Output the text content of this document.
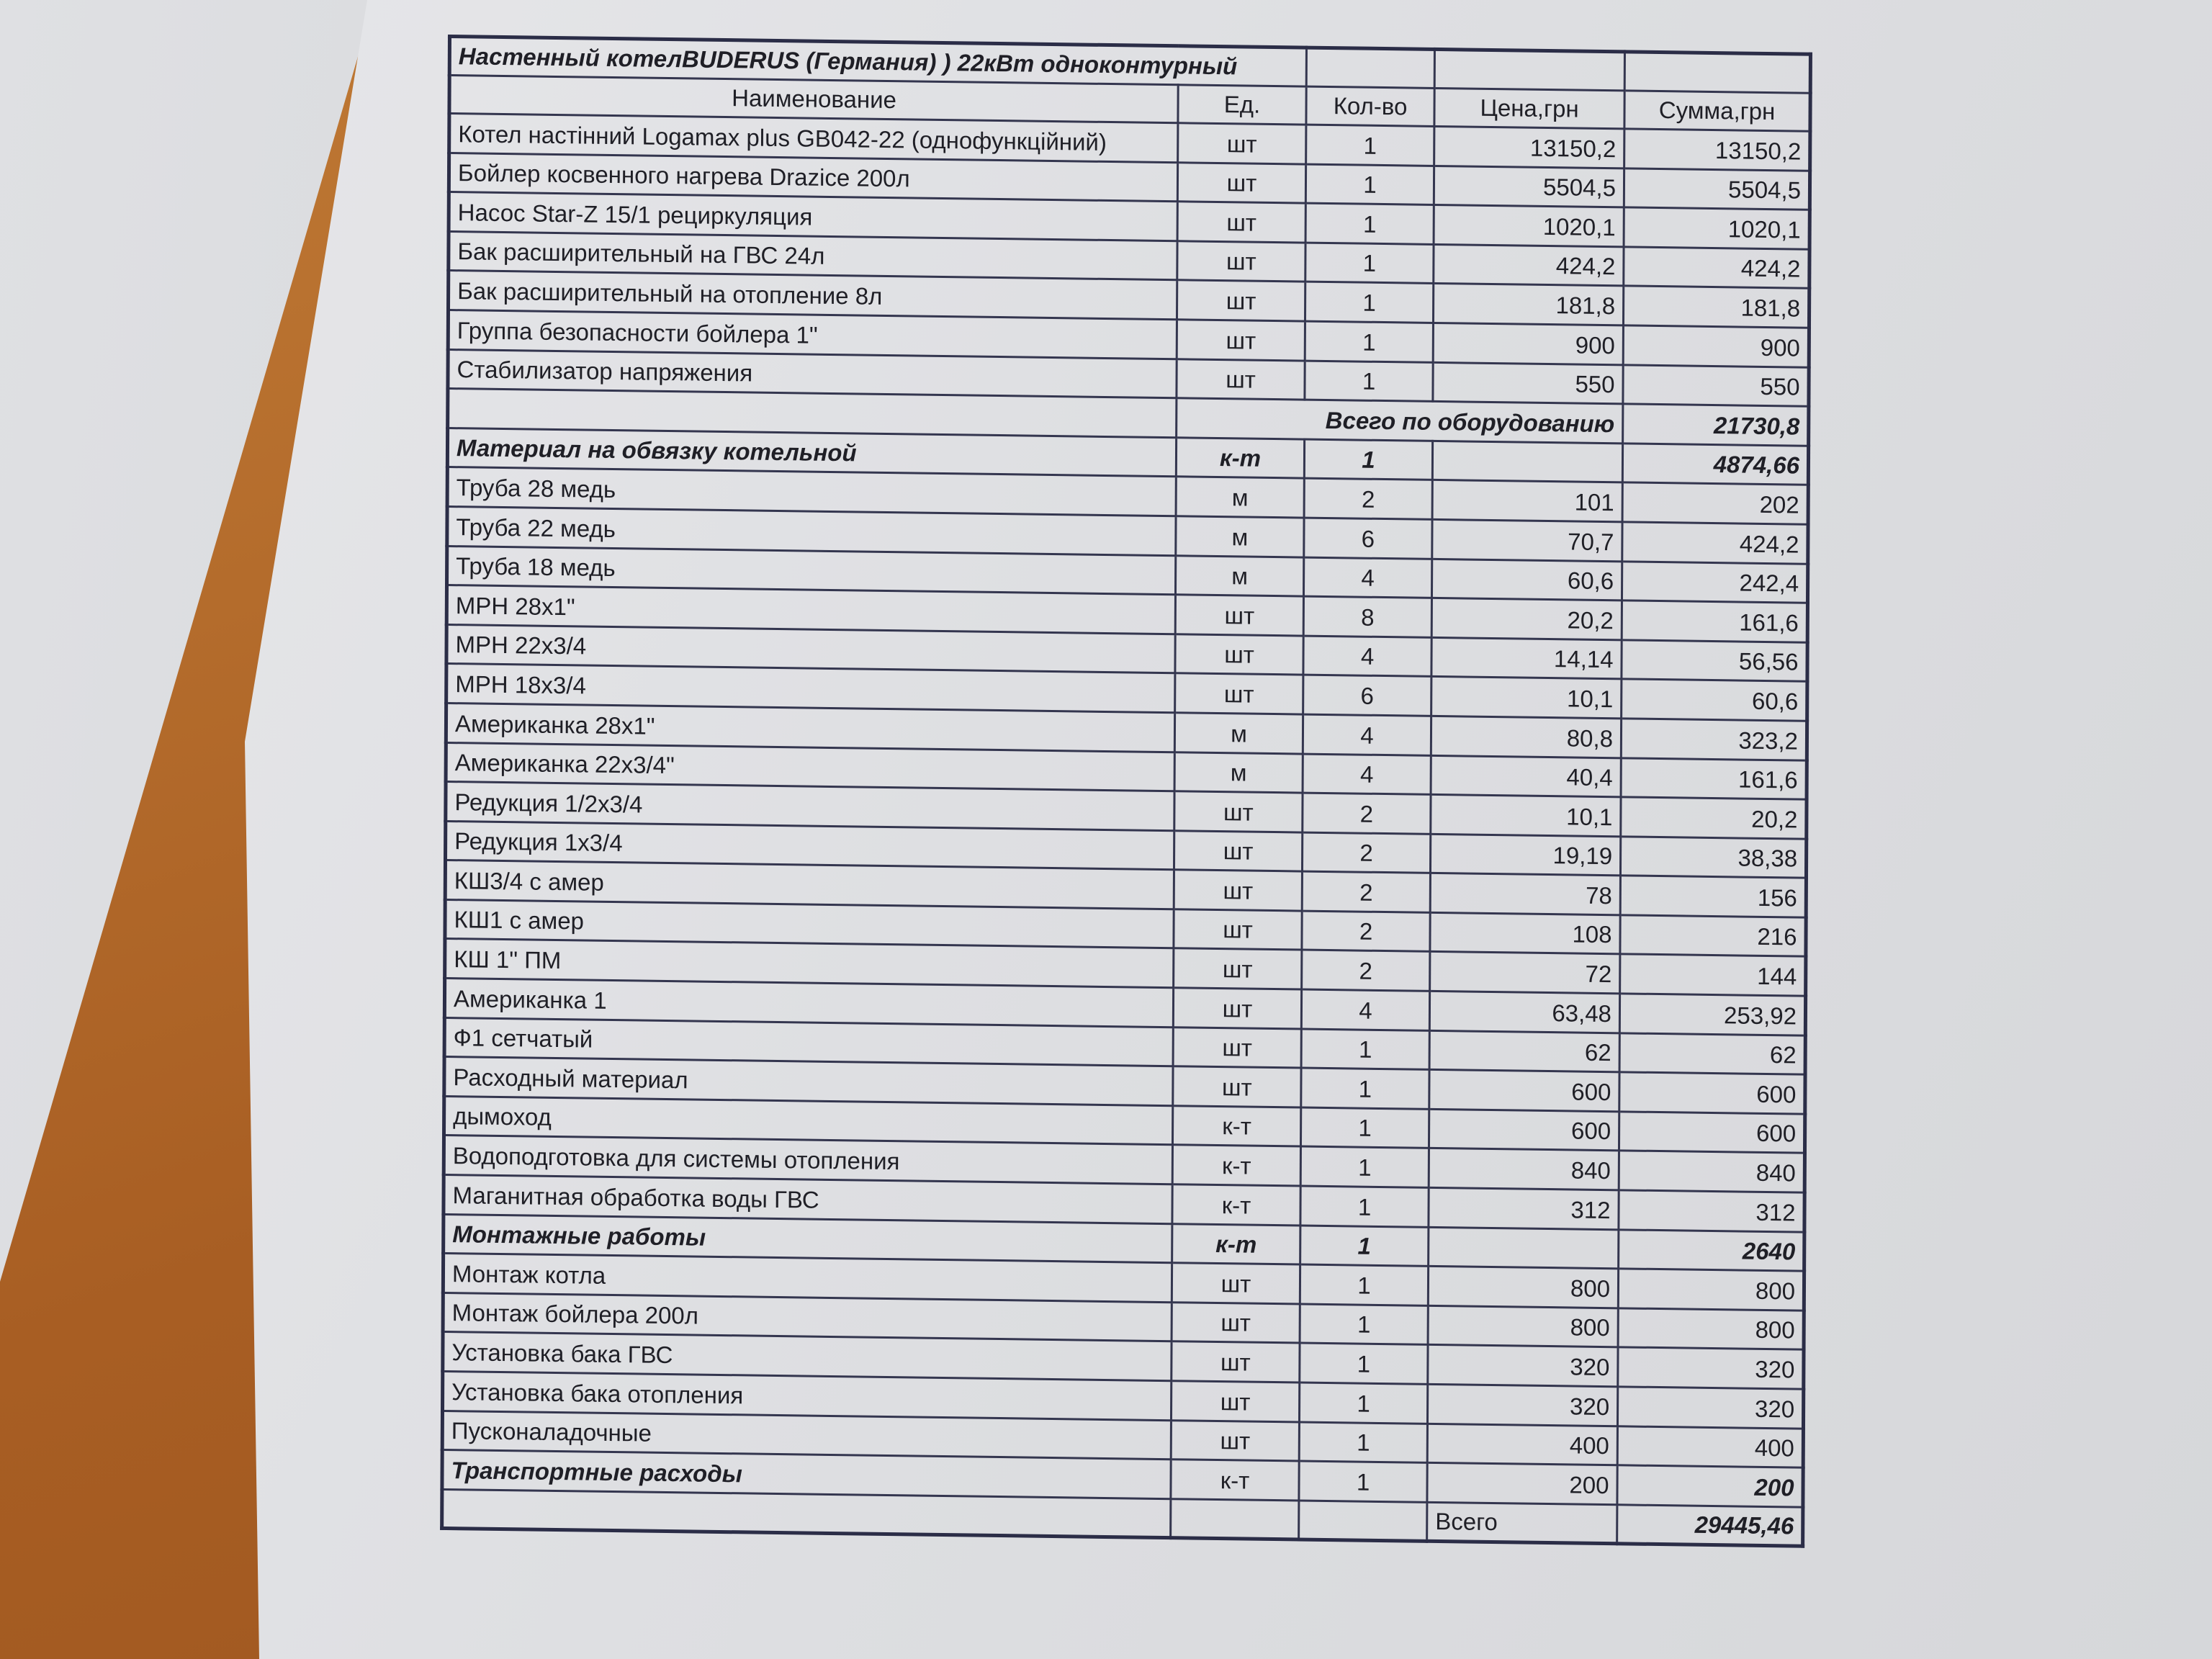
Настенный котелBUDERUS (Германия) ) 22кВт одноконтурный				
Наименование	Ед.	Кол-во	Цена,грн	Сумма,грн
Котел настінний Logamax plus GB042-22 (однофункційний)	шт	1	13150,2	13150,2
Бойлер косвенного нагрева Drazice 200л	шт	1	5504,5	5504,5
Насос Star-Z 15/1 рециркуляция	шт	1	1020,1	1020,1
Бак расширительный на ГВС 24л	шт	1	424,2	424,2
Бак расширительный на отопление 8л	шт	1	181,8	181,8
Группа безопасности бойлера 1"	шт	1	900	900
Стабилизатор напряжения	шт	1	550	550
	Всего по оборудованию			21730,8
Материал на обвязку котельной	к-т	1		4874,66
Труба 28 медь	м	2	101	202
Труба 22 медь	м	6	70,7	424,2
Труба 18 медь	м	4	60,6	242,4
МРН 28х1"	шт	8	20,2	161,6
МРН 22х3/4	шт	4	14,14	56,56
МРН 18х3/4	шт	6	10,1	60,6
Американка 28х1"	м	4	80,8	323,2
Американка 22х3/4"	м	4	40,4	161,6
Редукция 1/2х3/4	шт	2	10,1	20,2
Редукция 1х3/4	шт	2	19,19	38,38
КШ3/4 с амер	шт	2	78	156
КШ1 с амер	шт	2	108	216
КШ 1" ПМ	шт	2	72	144
Американка 1	шт	4	63,48	253,92
Ф1 сетчатый	шт	1	62	62
Расходный материал	шт	1	600	600
дымоход	к-т	1	600	600
Водоподготовка для системы отопления	к-т	1	840	840
Маганитная обработка воды ГВС	к-т	1	312	312
Монтажные работы	к-т	1		2640
Монтаж котла	шт	1	800	800
Монтаж бойлера 200л	шт	1	800	800
Установка бака ГВС	шт	1	320	320
Установка бака отопления	шт	1	320	320
Пусконаладочные	шт	1	400	400
Транспортные расходы	к-т	1	200	200
			Всего	29445,46
